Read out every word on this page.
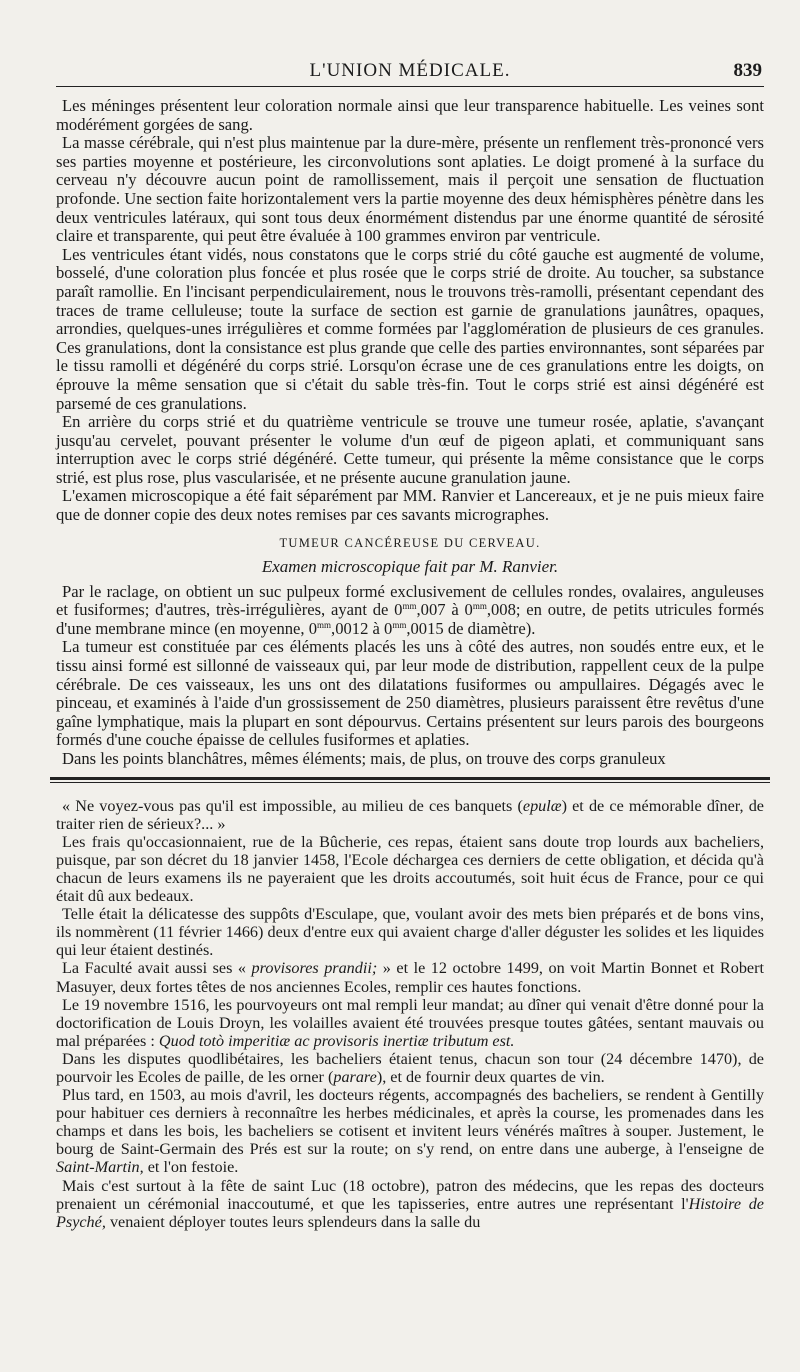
L'UNION MÉDICALE.	839

Les méninges présentent leur coloration normale ainsi que leur transparence habituelle. Les veines sont modérément gorgées de sang.

La masse cérébrale, qui n'est plus maintenue par la dure-mère, présente un renflement très-prononcé vers ses parties moyenne et postérieure, les circonvolutions sont aplaties. Le doigt promené à la surface du cerveau n'y découvre aucun point de ramollissement, mais il perçoit une sensation de fluctuation profonde. Une section faite horizontalement vers la partie moyenne des deux hémisphères pénètre dans les deux ventricules latéraux, qui sont tous deux énormément distendus par une énorme quantité de sérosité claire et transparente, qui peut être évaluée à 100 grammes environ par ventricule.

Les ventricules étant vidés, nous constatons que le corps strié du côté gauche est augmenté de volume, bosselé, d'une coloration plus foncée et plus rosée que le corps strié de droite. Au toucher, sa substance paraît ramollie. En l'incisant perpendiculairement, nous le trouvons très-ramolli, présentant cependant des traces de trame celluleuse; toute la surface de section est garnie de granulations jaunâtres, opaques, arrondies, quelques-unes irrégulières et comme formées par l'agglomération de plusieurs de ces granules. Ces granulations, dont la consistance est plus grande que celle des parties environnantes, sont séparées par le tissu ramolli et dégénéré du corps strié. Lorsqu'on écrase une de ces granulations entre les doigts, on éprouve la même sensation que si c'était du sable très-fin. Tout le corps strié est ainsi dégénéré est parsemé de ces granulations.

En arrière du corps strié et du quatrième ventricule se trouve une tumeur rosée, aplatie, s'avançant jusqu'au cervelet, pouvant présenter le volume d'un œuf de pigeon aplati, et communiquant sans interruption avec le corps strié dégénéré. Cette tumeur, qui présente la même consistance que le corps strié, est plus rose, plus vascularisée, et ne présente aucune granulation jaune.

L'examen microscopique a été fait séparément par MM. Ranvier et Lancereaux, et je ne puis mieux faire que de donner copie des deux notes remises par ces savants micrographes.

TUMEUR CANCÉREUSE DU CERVEAU.
Examen microscopique fait par M. Ranvier.

Par le raclage, on obtient un suc pulpeux formé exclusivement de cellules rondes, ovalaires, anguleuses et fusiformes; d'autres, très-irrégulières, ayant de $0^{mm},007$ à $0^{mm},008$; en outre, de petits utricules formés d'une membrane mince (en moyenne, $0^{mm},0012$ à $0^{mm},0015$ de diamètre).

La tumeur est constituée par ces éléments placés les uns à côté des autres, non soudés entre eux, et le tissu ainsi formé est sillonné de vaisseaux qui, par leur mode de distribution, rappellent ceux de la pulpe cérébrale. De ces vaisseaux, les uns ont des dilatations fusiformes ou ampullaires. Dégagés avec le pinceau, et examinés à l'aide d'un grossissement de 250 diamètres, plusieurs paraissent être revêtus d'une gaîne lymphatique, mais la plupart en sont dépourvus. Certains présentent sur leurs parois des bourgeons formés d'une couche épaisse de cellules fusiformes et aplaties.

Dans les points blanchâtres, mêmes éléments; mais, de plus, on trouve des corps granuleux

« Ne voyez-vous pas qu'il est impossible, au milieu de ces banquets (epulæ) et de ce mémorable dîner, de traiter rien de sérieux?... »

Les frais qu'occasionnaient, rue de la Bûcherie, ces repas, étaient sans doute trop lourds aux bacheliers, puisque, par son décret du 18 janvier 1458, l'Ecole déchargea ces derniers de cette obligation, et décida qu'à chacun de leurs examens ils ne payeraient que les droits accoutumés, soit huit écus de France, pour ce qui était dû aux bedeaux.

Telle était la délicatesse des suppôts d'Esculape, que, voulant avoir des mets bien préparés et de bons vins, ils nommèrent (11 février 1466) deux d'entre eux qui avaient charge d'aller déguster les solides et les liquides qui leur étaient destinés.

La Faculté avait aussi ses « provisores prandii; » et le 12 octobre 1499, on voit Martin Bonnet et Robert Masuyer, deux fortes têtes de nos anciennes Ecoles, remplir ces hautes fonctions.

Le 19 novembre 1516, les pourvoyeurs ont mal rempli leur mandat; au dîner qui venait d'être donné pour la doctorification de Louis Droyn, les volailles avaient été trouvées presque toutes gâtées, sentant mauvais ou mal préparées : Quod totò imperitiæ ac provisoris inertiæ tributum est.

Dans les disputes quodlibétaires, les bacheliers étaient tenus, chacun son tour (24 décembre 1470), de pourvoir les Ecoles de paille, de les orner (parare), et de fournir deux quartes de vin.

Plus tard, en 1503, au mois d'avril, les docteurs régents, accompagnés des bacheliers, se rendent à Gentilly pour habituer ces derniers à reconnaître les herbes médicinales, et après la course, les promenades dans les champs et dans les bois, les bacheliers se cotisent et invitent leurs vénérés maîtres à souper. Justement, le bourg de Saint-Germain des Prés est sur la route; on s'y rend, on entre dans une auberge, à l'enseigne de Saint-Martin, et l'on festoie.

Mais c'est surtout à la fête de saint Luc (18 octobre), patron des médecins, que les repas des docteurs prenaient un cérémonial inaccoutumé, et que les tapisseries, entre autres une représentant l'Histoire de Psyché, venaient déployer toutes leurs splendeurs dans la salle du
